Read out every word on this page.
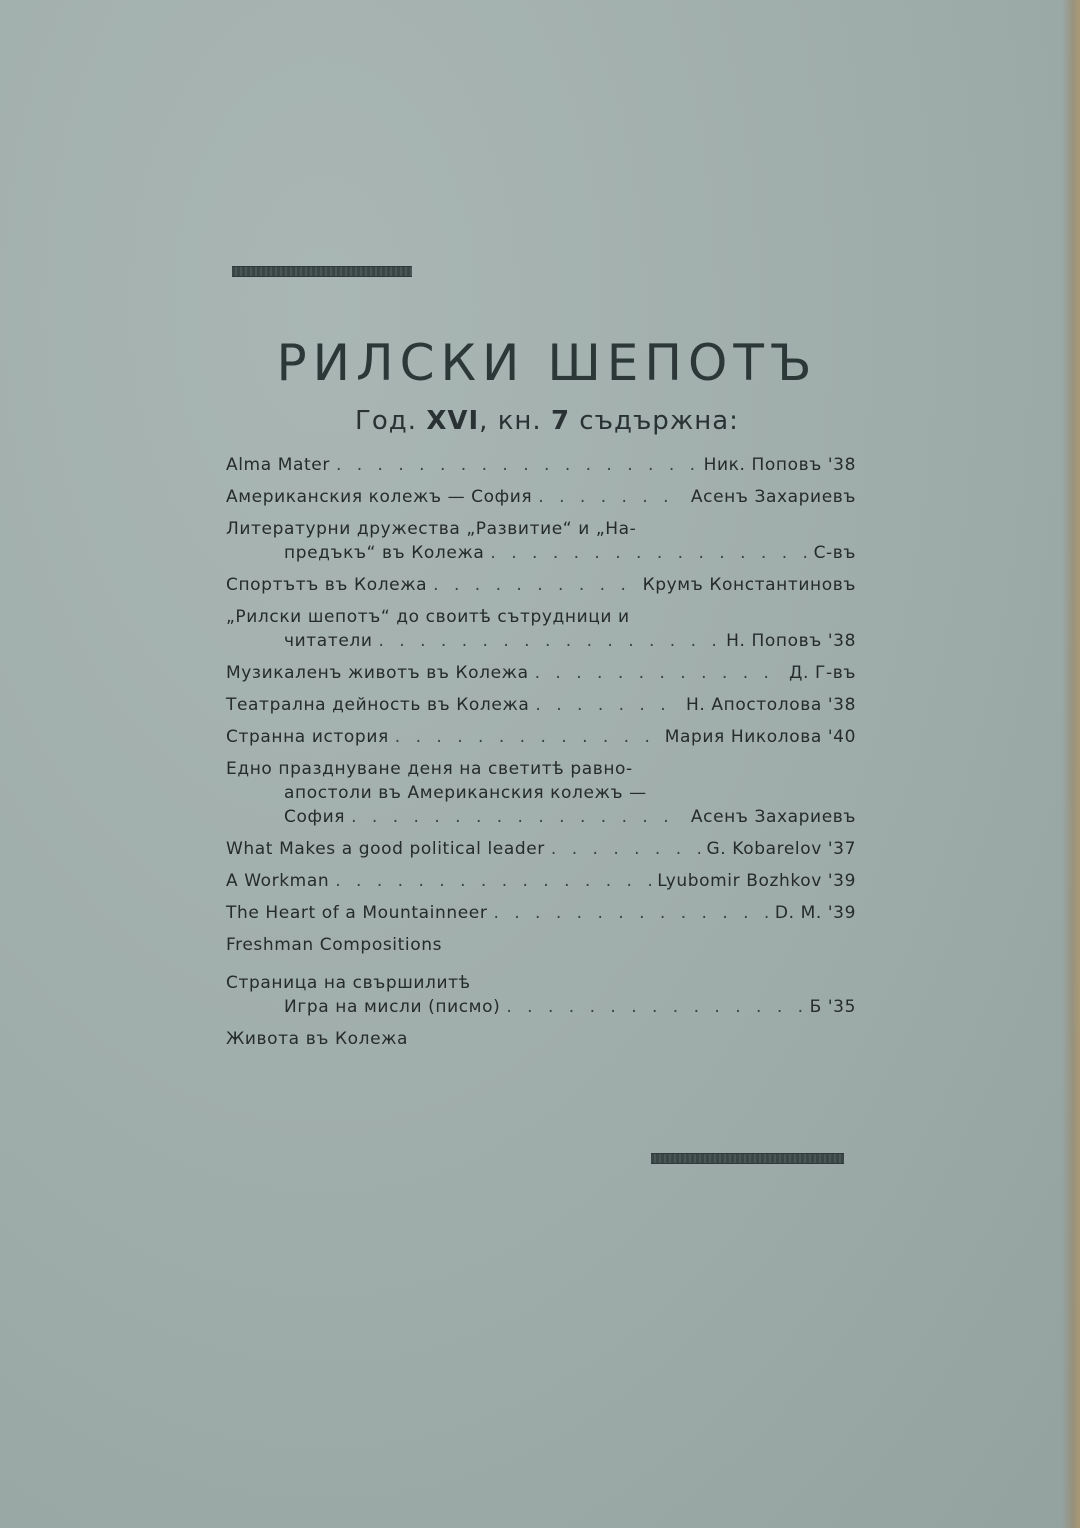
РИЛСКИ ШЕПОТЪ

Год. XVI, кн. 7 съдържна:

Alma Mater . . .	Ник. Поповъ '38
Американския колежъ — София . . .	Асенъ Захариевъ
Литературни дружества „Развитие“ и „На-
предъкъ“ въ Колежа . . .	С-въ
Спортътъ въ Колежа . . .	Крумъ Константиновъ
„Рилски шепотъ“ до своитѣ сътрудници и
читатели . . .	Н. Поповъ '38
Музикаленъ животъ въ Колежа . . .	Д. Г-въ
Театрална дейность въ Колежа . . .	Н. Апостолова '38
Странна история . . .	Мария Николова '40
Едно празднуване деня на светитѣ равно-
апостоли въ Американския колежъ —
София . . .	Асенъ Захариевъ
What Makes a good political leader . . .	G. Kobarelov '37
A Workman . . .	Lyubomir Bozhkov '39
The Heart of a Mountainneer . . .	D. M. '39
Freshman Compositions
Страница на свършилитѣ
Игра на мисли (писмо) . . .	Б '35
Живота въ Колежа
